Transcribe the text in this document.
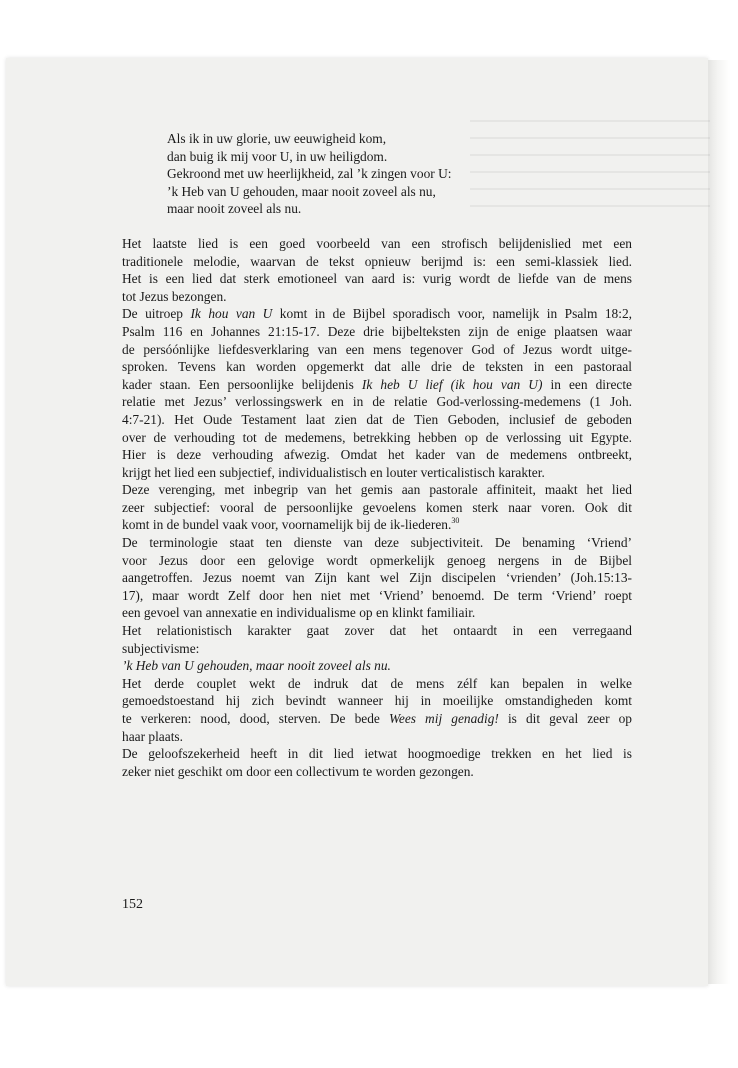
Als ik in uw glorie, uw eeuwigheid kom,
dan buig ik mij voor U, in uw heiligdom.
Gekroond met uw heerlijkheid, zal ’k zingen voor U:
’k Heb van U gehouden, maar nooit zoveel als nu,
maar nooit zoveel als nu.

Het laatste lied is een goed voorbeeld van een strofisch belijdenislied met een
traditionele melodie, waarvan de tekst opnieuw berijmd is: een semi-klassiek lied.
Het is een lied dat sterk emotioneel van aard is: vurig wordt de liefde van de mens
tot Jezus bezongen.

De uitroep Ik hou van U komt in de Bijbel sporadisch voor, namelijk in Psalm 18:2,
Psalm 116 en Johannes 21:15-17. Deze drie bijbelteksten zijn de enige plaatsen waar
de persóónlijke liefdesverklaring van een mens tegenover God of Jezus wordt uitge-
sproken. Tevens kan worden opgemerkt dat alle drie de teksten in een pastoraal
kader staan. Een persoonlijke belijdenis Ik heb U lief (ik hou van U) in een directe
relatie met Jezus’ verlossingswerk en in de relatie God-verlossing-medemens (1 Joh.
4:7-21). Het Oude Testament laat zien dat de Tien Geboden, inclusief de geboden
over de verhouding tot de medemens, betrekking hebben op de verlossing uit Egypte.
Hier is deze verhouding afwezig. Omdat het kader van de medemens ontbreekt,
krijgt het lied een subjectief, individualistisch en louter verticalistisch karakter.

Deze verenging, met inbegrip van het gemis aan pastorale affiniteit, maakt het lied
zeer subjectief: vooral de persoonlijke gevoelens komen sterk naar voren. Ook dit
komt in de bundel vaak voor, voornamelijk bij de ik-liederen.$^{30}$

De terminologie staat ten dienste van deze subjectiviteit. De benaming ‘Vriend’
voor Jezus door een gelovige wordt opmerkelijk genoeg nergens in de Bijbel
aangetroffen. Jezus noemt van Zijn kant wel Zijn discipelen ‘vrienden’ (Joh.15:13-
17), maar wordt Zelf door hen niet met ‘Vriend’ benoemd. De term ‘Vriend’ roept
een gevoel van annexatie en individualisme op en klinkt familiair.

Het relationistisch karakter gaat zover dat het ontaardt in een verregaand
subjectivisme:
’k Heb van U gehouden, maar nooit zoveel als nu.

Het derde couplet wekt de indruk dat de mens zélf kan bepalen in welke
gemoedstoestand hij zich bevindt wanneer hij in moeilijke omstandigheden komt
te verkeren: nood, dood, sterven. De bede Wees mij genadig! is dit geval zeer op
haar plaats.

De geloofszekerheid heeft in dit lied ietwat hoogmoedige trekken en het lied is
zeker niet geschikt om door een collectivum te worden gezongen.

152
